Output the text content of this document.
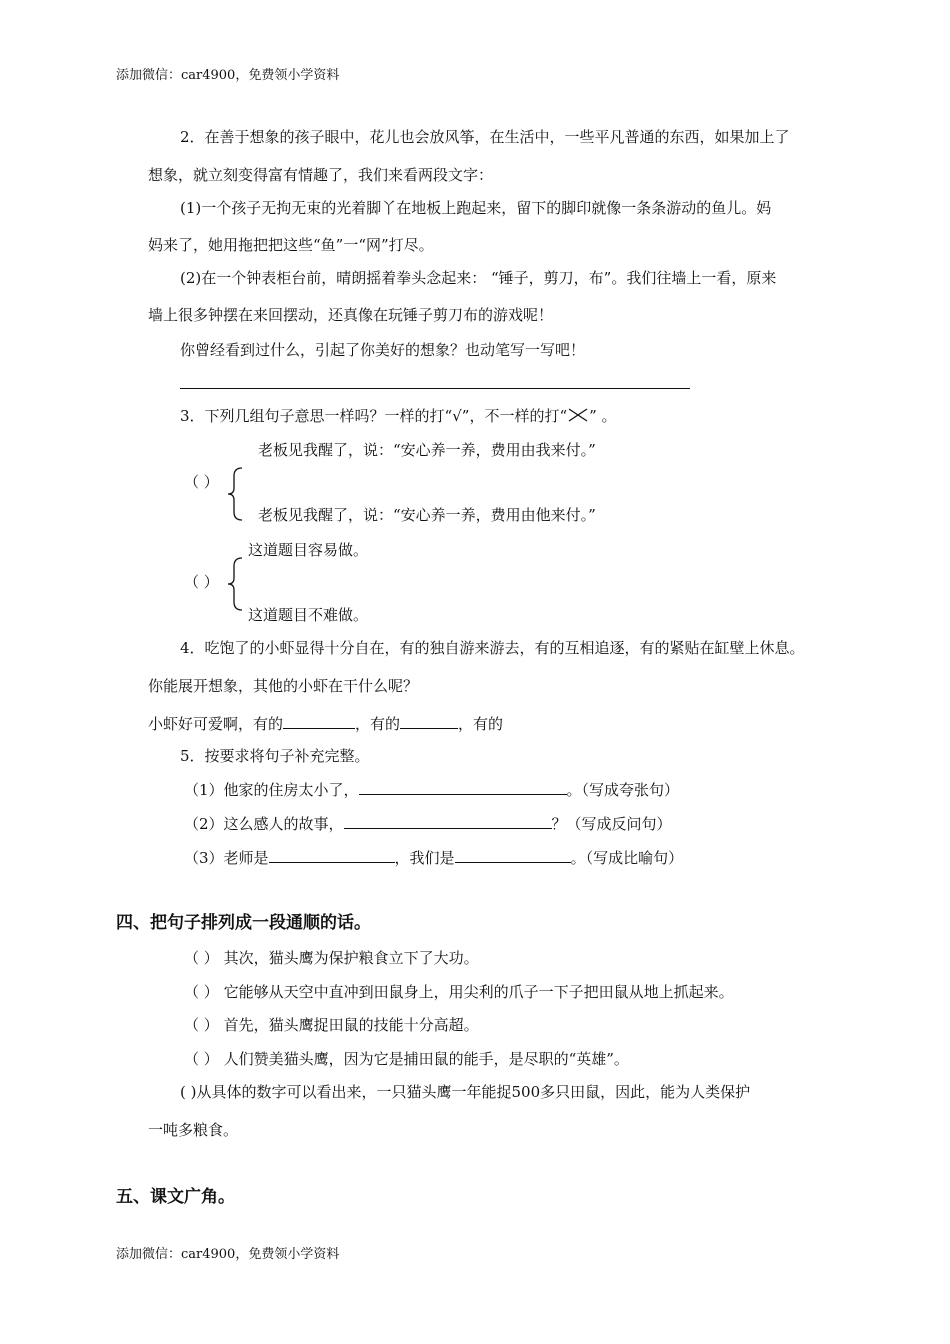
添加微信：car4900，免费领小学资料
2．在善于想象的孩子眼中，花儿也会放风筝，在生活中，一些平凡普通的东西，如果加上了
想象，就立刻变得富有情趣了，我们来看两段文字：
(1)一个孩子无拘无束的光着脚丫在地板上跑起来，留下的脚印就像一条条游动的鱼儿。妈
妈来了，她用拖把把这些“鱼”一“网”打尽。
(2)在一个钟表柜台前，晴朗摇着拳头念起来： “锤子，剪刀，布”。我们往墙上一看，原来
墙上很多钟摆在来回摆动，还真像在玩锤子剪刀布的游戏呢！
你曾经看到过什么，引起了你美好的想象？也动笔写一写吧！
3．下列几组句子意思一样吗？一样的打“√”，不一样的打“ ” 。
老板见我醒了，说：“安心养一养，费用由我来付。”
（ ）
老板见我醒了，说：“安心养一养，费用由他来付。”
这道题目容易做。
（ ）
这道题目不难做。
4．吃饱了的小虾显得十分自在，有的独自游来游去，有的互相追逐，有的紧贴在缸壁上休息。
你能展开想象，其他的小虾在干什么呢？
小虾好可爱啊，有的	，有的	，有的
5．按要求将句子补充完整。
（1）他家的住房太小了，	。（写成夸张句）
（2）这么感人的故事，	？（写成反问句）
（3）老师是	，我们是	。（写成比喻句）
四、把句子排列成一段通顺的话。
（ ） 其次，猫头鹰为保护粮食立下了大功。
（ ） 它能够从天空中直冲到田鼠身上，用尖利的爪子一下子把田鼠从地上抓起来。
（ ） 首先，猫头鹰捉田鼠的技能十分高超。
（ ） 人们赞美猫头鹰，因为它是捕田鼠的能手，是尽职的“英雄”。
( )从具体的数字可以看出来，一只猫头鹰一年能捉500多只田鼠，因此，能为人类保护
一吨多粮食。
五、课文广角。
添加微信：car4900，免费领小学资料
